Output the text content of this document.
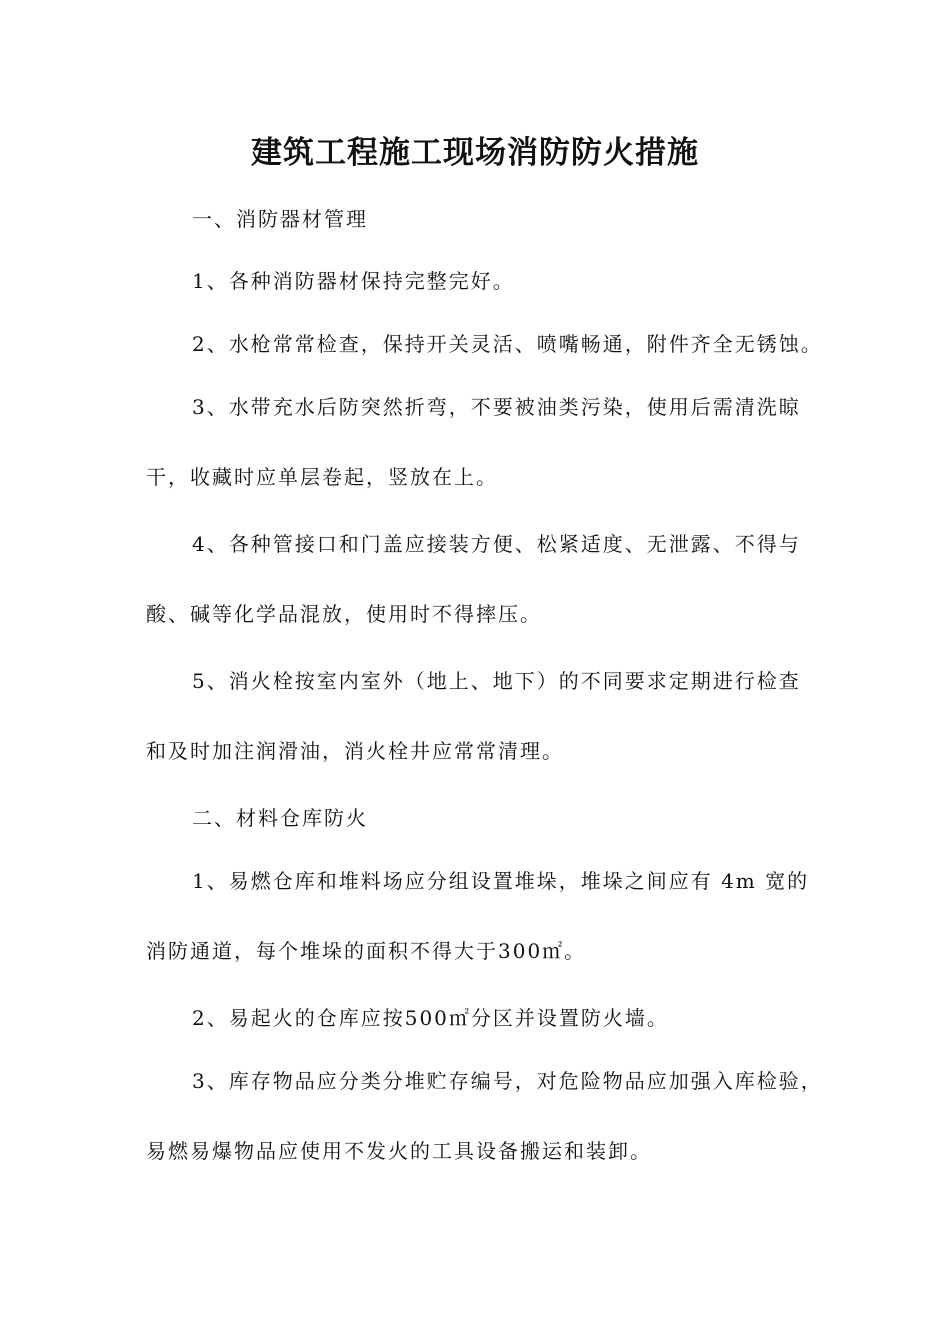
建筑工程施工现场消防防火措施

一、消防器材管理

1、各种消防器材保持完整完好。

2、水枪常常检查，保持开关灵活、喷嘴畅通，附件齐全无锈蚀。

3、水带充水后防突然折弯，不要被油类污染，使用后需清洗晾
干，收藏时应单层卷起，竖放在上。

4、各种管接口和门盖应接装方便、松紧适度、无泄露、不得与
酸、碱等化学品混放，使用时不得摔压。

5、消火栓按室内室外（地上、地下）的不同要求定期进行检查
和及时加注润滑油，消火栓井应常常清理。

二、材料仓库防火

1、易燃仓库和堆料场应分组设置堆垛，堆垛之间应有 4m 宽的
消防通道，每个堆垛的面积不得大于300㎡。

2、易起火的仓库应按500㎡分区并设置防火墙。

3、库存物品应分类分堆贮存编号，对危险物品应加强入库检验，
易燃易爆物品应使用不发火的工具设备搬运和装卸。
